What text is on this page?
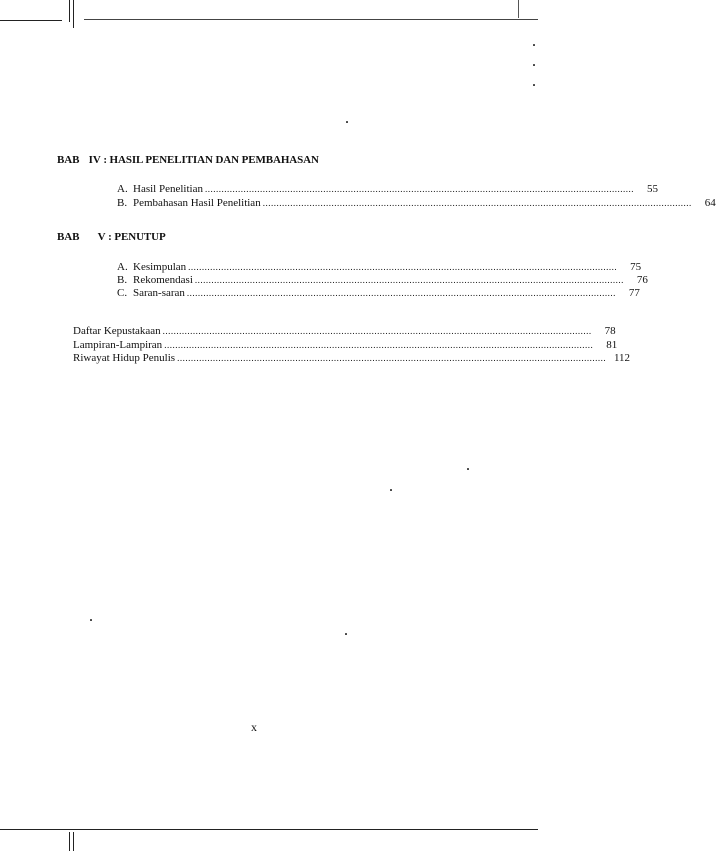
BAB IV : HASIL PENELITIAN DAN PEMBAHASAN
A. Hasil Penelitian ............................................................................................................................................................	55
B. Pembahasan Hasil Penelitian ............................................................................................................................................................	64
BAB V : PENUTUP
A. Kesimpulan ............................................................................................................................................................	75
B. Rekomendasi ............................................................................................................................................................	76
C. Saran-saran ............................................................................................................................................................	77
Daftar Kepustakaan ............................................................................................................................................................	78
Lampiran-Lampiran ............................................................................................................................................................	81
Riwayat Hidup Penulis ............................................................................................................................................................ 112
x
